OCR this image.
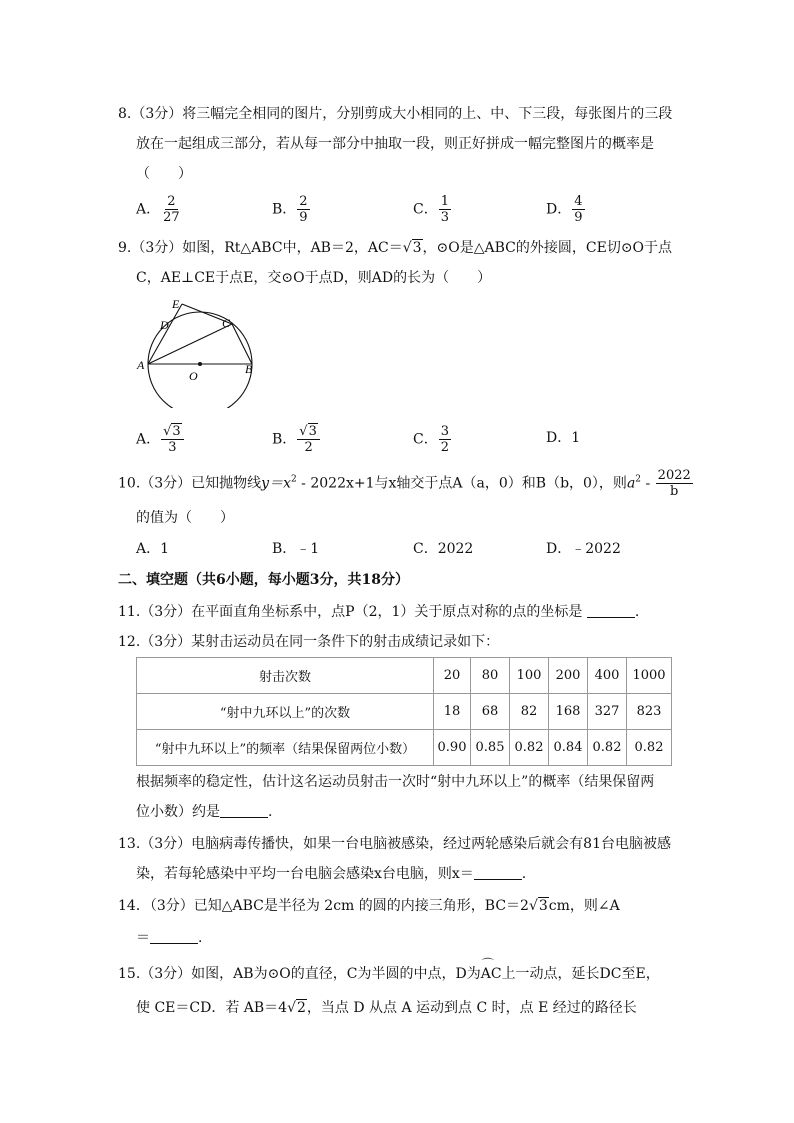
8.（3分）将三幅完全相同的图片，分别剪成大小相同的上、中、下三段，每张图片的三段
放在一起组成三部分，若从每一部分中抽取一段，则正好拼成一幅完整图片的概率是
（　　）
A． $\frac{2}{27}$	B． $\frac{2}{9}$	C． $\frac{1}{3}$	D． $\frac{4}{9}$
9.（3分）如图，Rt△ABC中，AB＝2，AC＝√3，⊙O是△ABC的外接圆，CE切⊙O于点
C，AE⊥CE于点E，交⊙O于点D，则AD的长为（　　）
A	B
C
D
E
O
A． $\frac{√3}{3}$	B． $\frac{√3}{2}$	C． $\frac{3}{2}$	D．1
10.（3分）已知抛物线$y=x^2 - 2022x+1$与x轴交于点A（a，0）和B（b，0），则$a^2 - \frac{2022}{b}$
的值为（　　）
A．1	B．﹣1	C．2022	D．﹣2022
二、填空题（共6小题，每小题3分，共18分）
11.（3分）在平面直角坐标系中，点P（2，1）关于原点对称的点的坐标是	.
12.（3分）某射击运动员在同一条件下的射击成绩记录如下：
射击次数	20	80	100	200	400	1000
“射中九环以上”的次数	18	68	82	168	327	823
“射中九环以上”的频率（结果保留两位小数）	0.90	0.85	0.82	0.84	0.82	0.82
根据频率的稳定性，估计这名运动员射击一次时“射中九环以上”的概率（结果保留两
位小数）约是	.
13.（3分）电脑病毒传播快，如果一台电脑被感染，经过两轮感染后就会有81台电脑被感
染，若每轮感染中平均一台电脑会感染x台电脑，则x＝	.
14．（3分）已知△ABC是半径为 2cm 的圆的内接三角形，BC＝2√3cm，则∠A
＝	.
15.（3分）如图，AB为⊙O的直径，C为半圆的中点，D为⌒ AC上一动点，延长DC至E，
使 CE＝CD．若 AB＝4√2，当点 D 从点 A 运动到点 C 时，点 E 经过的路径长
